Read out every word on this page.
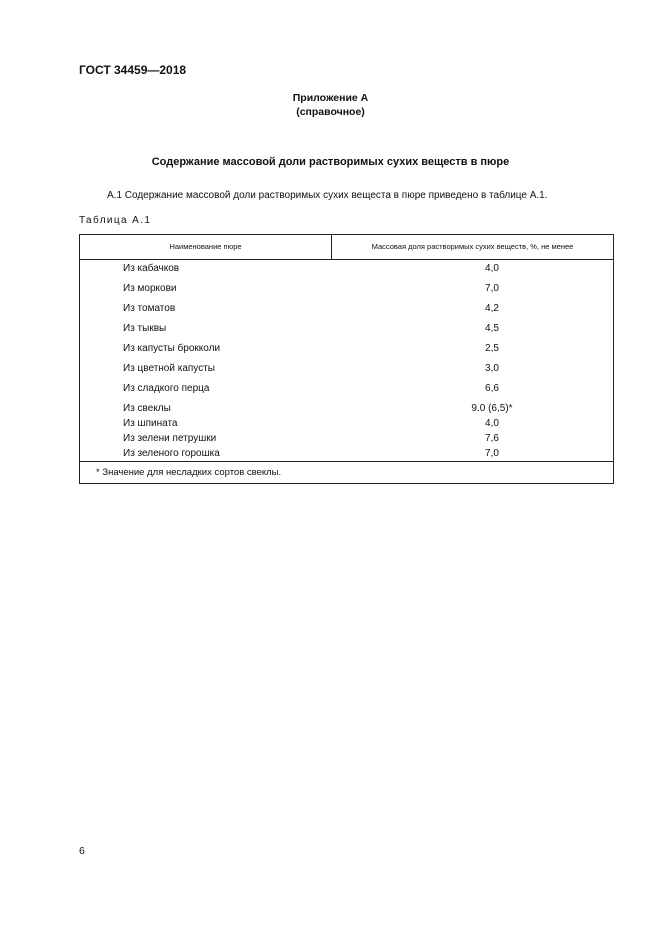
ГОСТ 34459—2018
Приложение А
(справочное)
Содержание массовой доли растворимых сухих веществ в пюре
А.1 Содержание массовой доли растворимых сухих вещеста в пюре приведено в таблице А.1.
Таблица А.1
Наименование пюре	Массовая доля растворимых сухих веществ, %, не менее
Из кабачков	4,0
Из моркови	7,0
Из томатов	4,2
Из тыквы	4,5
Из капусты брокколи	2,5
Из цветной капусты	3,0
Из сладкого перца	6,6
Из свеклы	9.0 (6,5)*
Из шпината	4,0
Из зелени петрушки	7,6
Из зеленого горошка	7,0
* Значение для несладких сортов свеклы.
6
